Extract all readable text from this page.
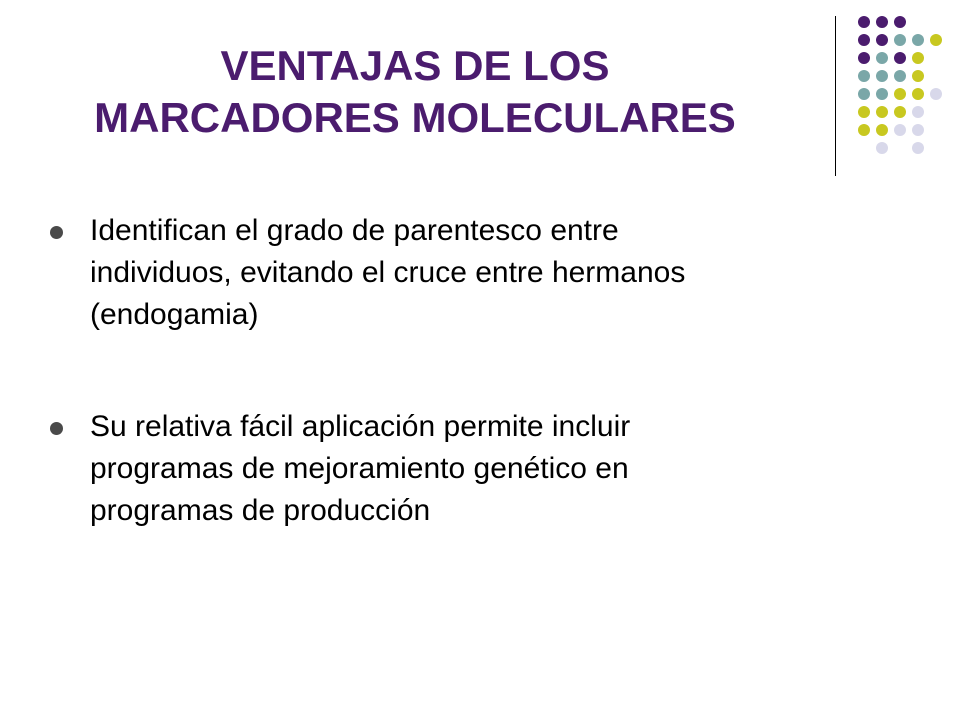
VENTAJAS DE LOS
MARCADORES MOLECULARES
Identifican el grado de parentesco entre
individuos, evitando el cruce entre hermanos
(endogamia)
Su relativa fácil aplicación permite incluir
programas de mejoramiento genético en
programas de producción
